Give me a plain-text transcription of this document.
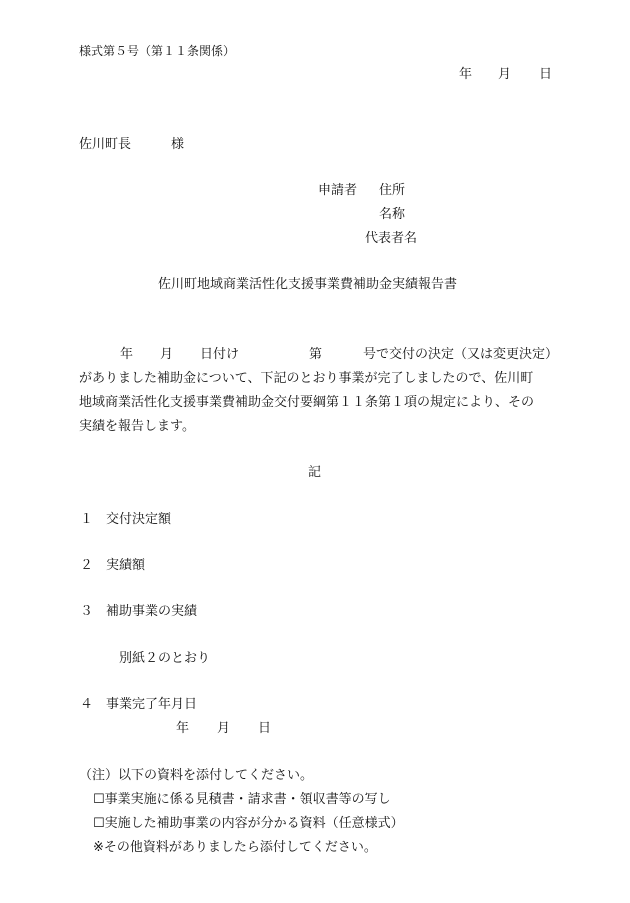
様式第５号（第１１条関係）
年 月 日
佐川町長	様
申請者 住所
名称
代表者名
佐川町地域商業活性化支援事業費補助金実績報告書
年 月 日付け	第	号で交付の決定（又は変更決定）
がありました補助金について、下記のとおり事業が完了しましたので、佐川町
地域商業活性化支援事業費補助金交付要綱第１１条第１項の規定により、その
実績を報告します。
記
１ 交付決定額
２ 実績額
３ 補助事業の実績
別紙２のとおり
４ 事業完了年月日
年 月 日
（注）以下の資料を添付してください。
☐事業実施に係る見積書・請求書・領収書等の写し
☐実施した補助事業の内容が分かる資料（任意様式）
※その他資料がありましたら添付してください。
